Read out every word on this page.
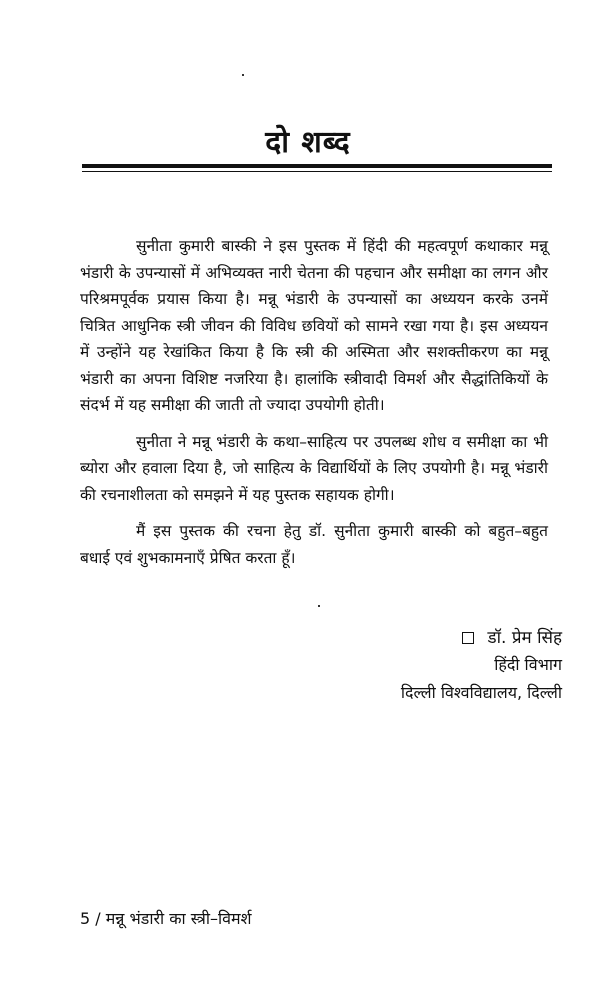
दो शब्द

सुनीता कुमारी बास्की ने इस पुस्तक में हिंदी की महत्वपूर्ण कथाकार मन्नू भंडारी के उपन्यासों में अभिव्यक्त नारी चेतना की पहचान और समीक्षा का लगन और परिश्रमपूर्वक प्रयास किया है। मन्नू भंडारी के उपन्यासों का अध्ययन करके उनमें चित्रित आधुनिक स्त्री जीवन की विविध छवियों को सामने रखा गया है। इस अध्ययन में उन्होंने यह रेखांकित किया है कि स्त्री की अस्मिता और सशक्तीकरण का मन्नू भंडारी का अपना विशिष्ट नजरिया है। हालांकि स्त्रीवादी विमर्श और सैद्धांतिकियों के संदर्भ में यह समीक्षा की जाती तो ज्यादा उपयोगी होती।

सुनीता ने मन्नू भंडारी के कथा–साहित्य पर उपलब्ध शोध व समीक्षा का भी ब्योरा और हवाला दिया है, जो साहित्य के विद्यार्थियों के लिए उपयोगी है। मन्नू भंडारी की रचनाशीलता को समझने में यह पुस्तक सहायक होगी।

मैं इस पुस्तक की रचना हेतु डॉ. सुनीता कुमारी बास्की को बहुत–बहुत बधाई एवं शुभकामनाएँ प्रेषित करता हूँ।

डॉ. प्रेम सिंह
हिंदी विभाग
दिल्ली विश्वविद्यालय, दिल्ली
5 / मन्नू भंडारी का स्त्री–विमर्श
